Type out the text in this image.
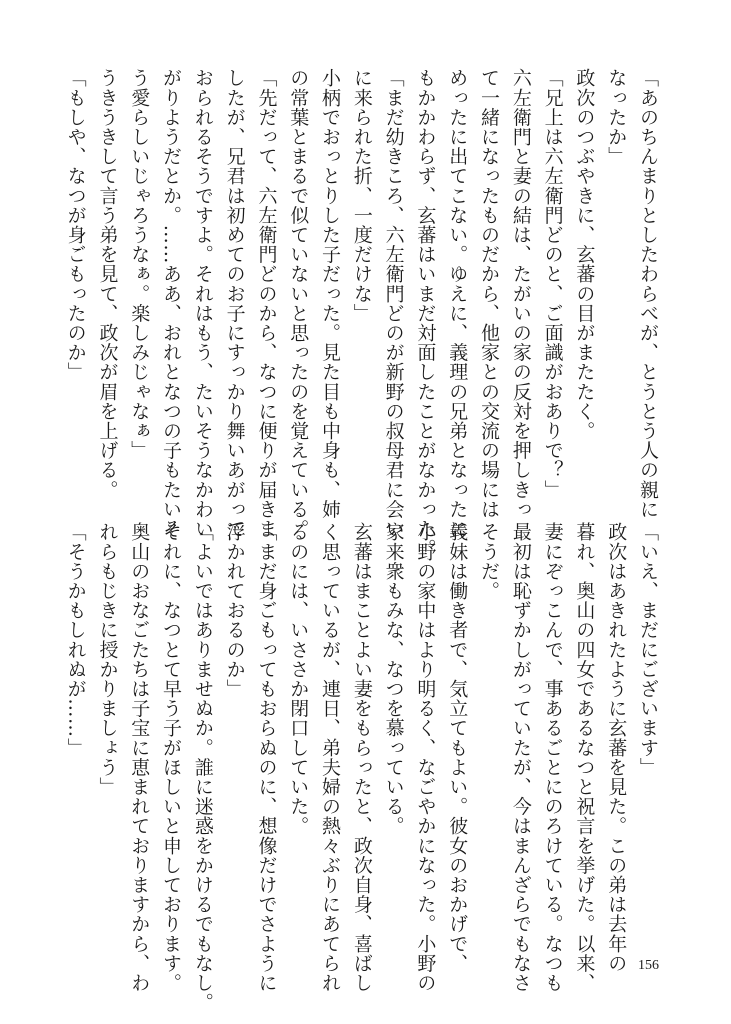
「あのちんまりとしたわらべが、とうとう人の親に
なったか」
政次のつぶやきに、玄蕃の目がまたたく。
「兄上は六左衛門どのと、ご面識がおありで？」
六左衛門と妻の結は、たがいの家の反対を押しきっ
て一緒になったものだから、他家との交流の場には
めったに出てこない。ゆえに、義理の兄弟となったに
もかかわらず、玄蕃はいまだ対面したことがなかった。
「まだ幼きころ、六左衛門どのが新野の叔母君に会い
に来られた折、一度だけな」
小柄でおっとりした子だった。見た目も中身も、姉
の常葉とまるで似ていないと思ったのを覚えている。
「先だって、六左衛門どのから、なつに便りが届きま
したが、兄君は初めてのお子にすっかり舞いあがって
おられるそうですよ。それはもう、たいそうなかわい
がりようだとか。……ああ、おれとなつの子もたいそ
う愛らしいじゃろうなぁ。楽しみじゃなぁ」
うきうきして言う弟を見て、政次が眉を上げる。
「もしや、なつが身ごもったのか」
「いえ、まだにございます」
政次はあきれたように玄蕃を見た。この弟は去年の
暮れ、奥山の四女であるなつと祝言を挙げた。以来、
妻にぞっこんで、事あるごとにのろけている。なつも
最初は恥ずかしがっていたが、今はまんざらでもなさ
そうだ。
義妹は働き者で、気立てもよい。彼女のおかげで、
小野の家中はより明るく、なごやかになった。小野の
家来衆もみな、なつを慕っている。
玄蕃はまことよい妻をもらったと、政次自身、喜ばし
く思っているが、連日、弟夫婦の熱々ぶりにあてられ
るのには、いささか閉口していた。
「まだ身ごもってもおらぬのに、想像だけでさように
浮かれておるのか」
「よいではありませぬか。誰に迷惑をかけるでもなし。
それに、なつとて早う子がほしいと申しております。
奥山のおなごたちは子宝に恵まれておりますから、わ
れらもじきに授かりましょう」
「そうかもしれぬが……」
156
